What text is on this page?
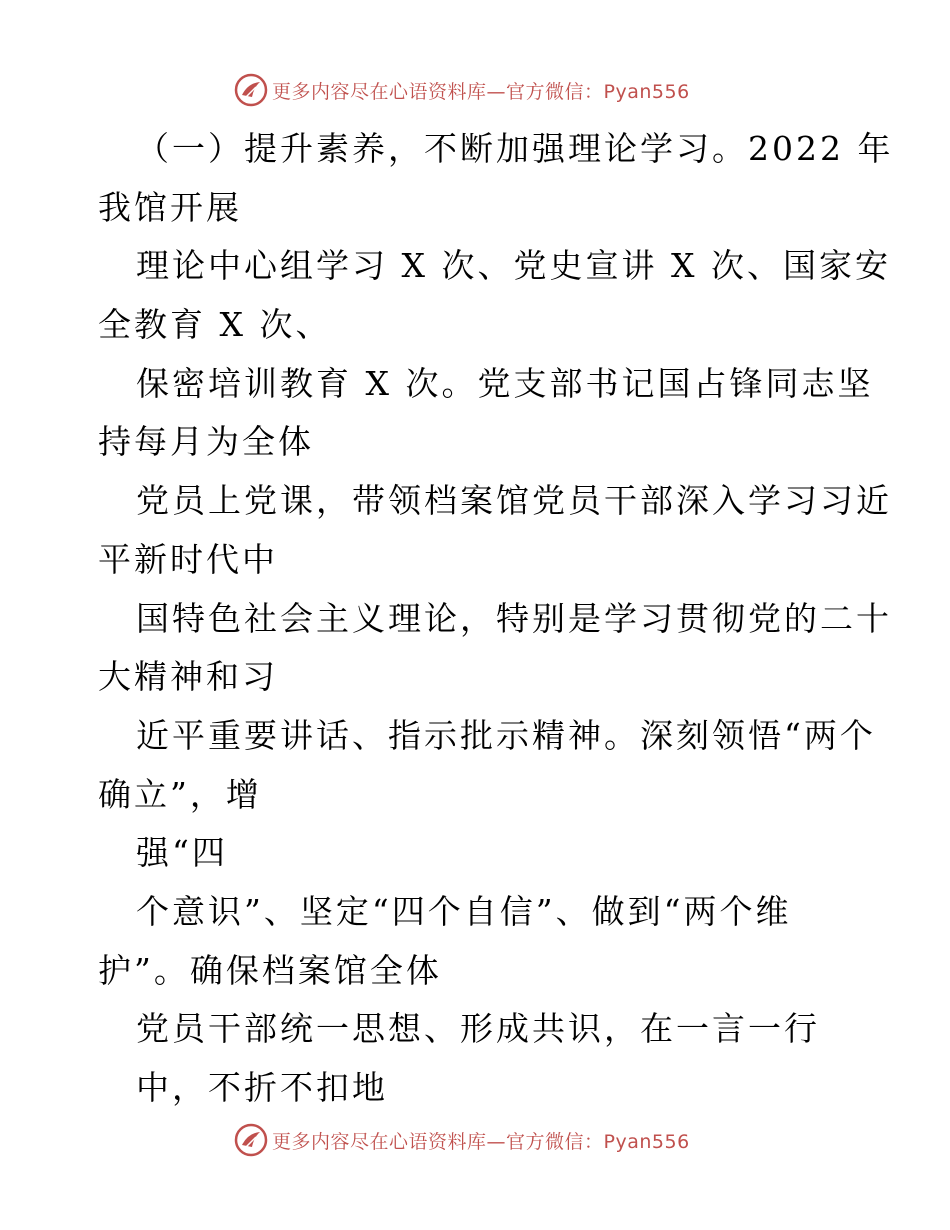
更多内容尽在心语资料库—官方微信：Pyan556
（一）提升素养，不断加强理论学习。2022 年
我馆开展
理论中心组学习 X 次、党史宣讲 X 次、国家安
全教育 X 次、
保密培训教育 X 次。党支部书记国占锋同志坚
持每月为全体
党员上党课，带领档案馆党员干部深入学习习近
平新时代中
国特色社会主义理论，特别是学习贯彻党的二十
大精神和习
近平重要讲话、指示批示精神。深刻领悟“两个
确立”，增
强“四
个意识”、坚定“四个自信”、做到“两个维
护”。确保档案馆全体
党员干部统一思想、形成共识，在一言一行
中，不折不扣地
更多内容尽在心语资料库—官方微信：Pyan556
